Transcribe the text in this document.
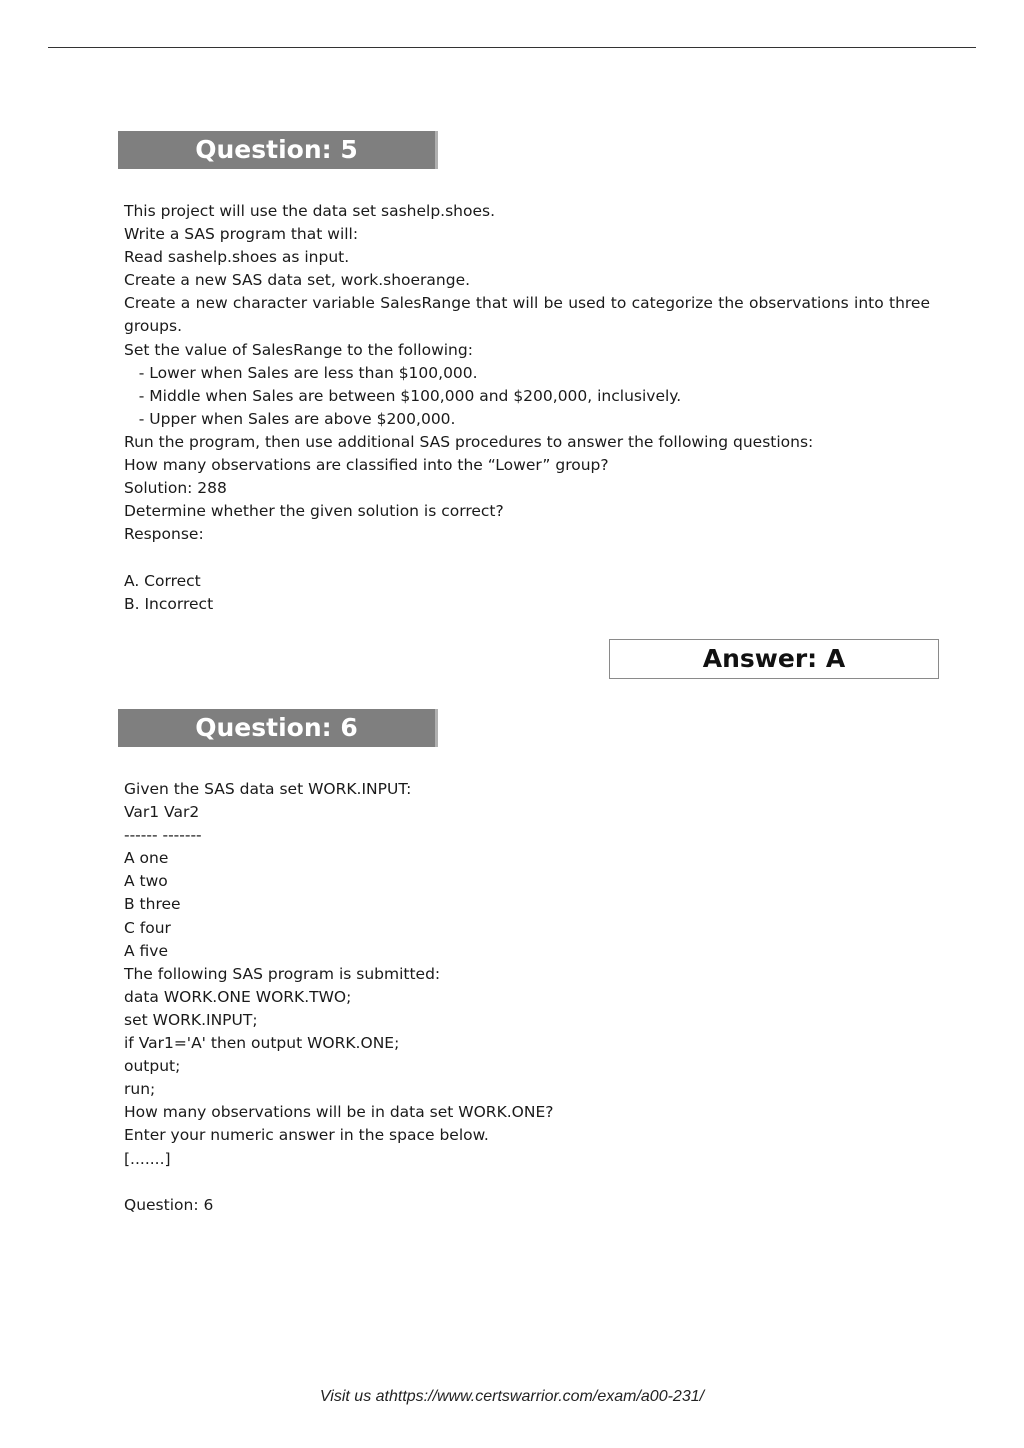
Question: 5
This project will use the data set sashelp.shoes.
Write a SAS program that will:
Read sashelp.shoes as input.
Create a new SAS data set, work.shoerange.
Create a new character variable SalesRange that will be used to categorize the observations into three groups.
Set the value of SalesRange to the following:
- Lower when Sales are less than $100,000.
- Middle when Sales are between $100,000 and $200,000, inclusively.
- Upper when Sales are above $200,000.
Run the program, then use additional SAS procedures to answer the following questions:
How many observations are classified into the “Lower” group?
Solution: 288
Determine whether the given solution is correct?
Response:
A. Correct
B. Incorrect
Answer: A
Question: 6
Given the SAS data set WORK.INPUT:
Var1 Var2
------ -------
A one
A two
B three
C four
A five
The following SAS program is submitted:
data WORK.ONE WORK.TWO;
set WORK.INPUT;
if Var1='A' then output WORK.ONE;
output;
run;
How many observations will be in data set WORK.ONE?
Enter your numeric answer in the space below.
[.......]
Question: 6
Visit us athttps://www.certswarrior.com/exam/a00-231/
